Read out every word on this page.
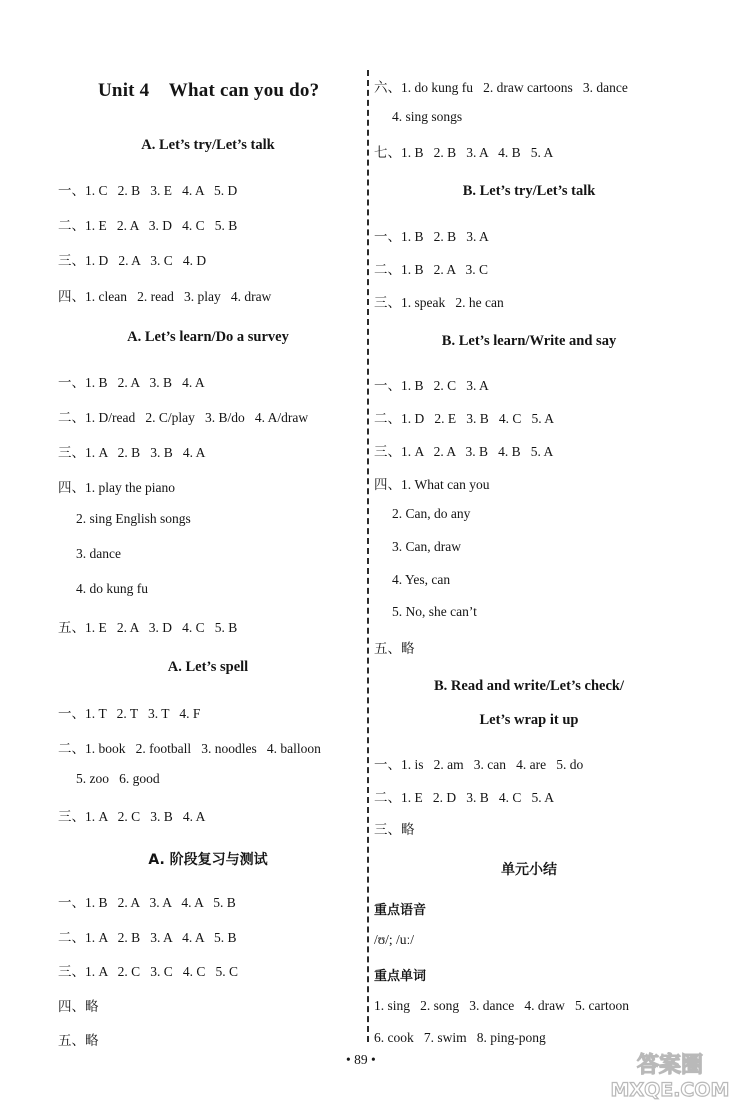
Unit 4    What can you do?
A. Let’s try/Let’s talk
一、1. C   2. B   3. E   4. A   5. D
二、1. E   2. A   3. D   4. C   5. B
三、1. D   2. A   3. C   4. D
四、1. clean   2. read   3. play   4. draw
A. Let’s learn/Do a survey
一、1. B   2. A   3. B   4. A
二、1. D/read   2. C/play   3. B/do   4. A/draw
三、1. A   2. B   3. B   4. A
四、1. play the piano
2. sing English songs
3. dance
4. do kung fu
五、1. E   2. A   3. D   4. C   5. B
A. Let’s spell
一、1. T   2. T   3. T   4. F
二、1. book   2. football   3. noodles   4. balloon
5. zoo   6. good
三、1. A   2. C   3. B   4. A
A. 阶段复习与测试
一、1. B   2. A   3. A   4. A   5. B
二、1. A   2. B   3. A   4. A   5. B
三、1. A   2. C   3. C   4. C   5. C
四、略
五、略
六、1. do kung fu   2. draw cartoons   3. dance
4. sing songs
七、1. B   2. B   3. A   4. B   5. A
B. Let’s try/Let’s talk
一、1. B   2. B   3. A
二、1. B   2. A   3. C
三、1. speak   2. he can
B. Let’s learn/Write and say
一、1. B   2. C   3. A
二、1. D   2. E   3. B   4. C   5. A
三、1. A   2. A   3. B   4. B   5. A
四、1. What can you
2. Can, do any
3. Can, draw
4. Yes, can
5. No, she can’t
五、略
B. Read and write/Let’s check/
Let’s wrap it up
一、1. is   2. am   3. can   4. are   5. do
二、1. E   2. D   3. B   4. C   5. A
三、略
单元小结
重点语音
/ʊ/; /uː/
重点单词
1. sing   2. song   3. dance   4. draw   5. cartoon
6. cook   7. swim   8. ping-pong
• 89 •	答案圈
MXQE.COM
